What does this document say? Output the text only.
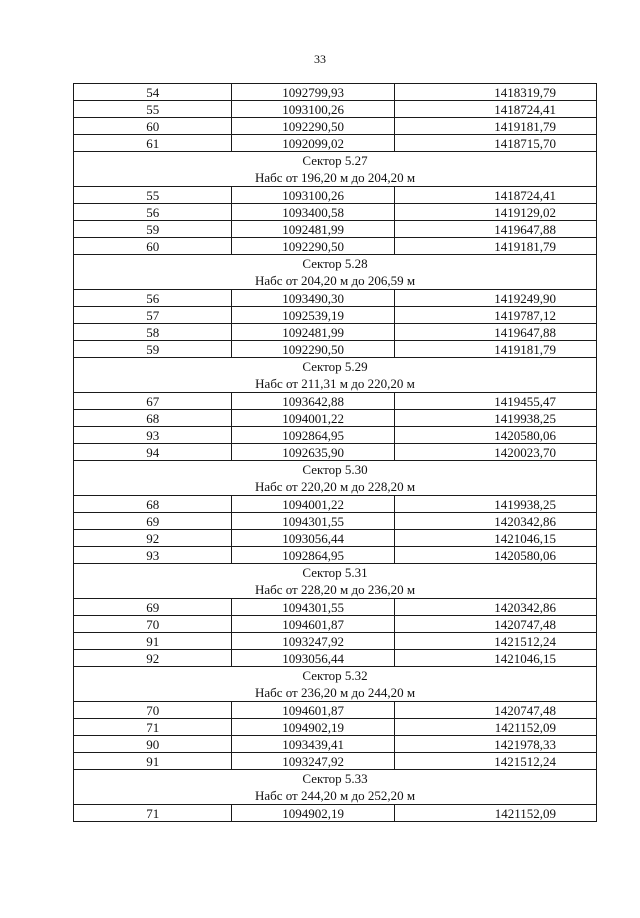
33
54	1092799,93	1418319,79
55	1093100,26	1418724,41
60	1092290,50	1419181,79
61	1092099,02	1418715,70

Сектор 5.27
Набс от 196,20 м до 204,20 м		

55	1093100,26	1418724,41
56	1093400,58	1419129,02
59	1092481,99	1419647,88
60	1092290,50	1419181,79

Сектор 5.28
Набс от 204,20 м до 206,59 м		

56	1093490,30	1419249,90
57	1092539,19	1419787,12
58	1092481,99	1419647,88
59	1092290,50	1419181,79

Сектор 5.29
Набс от 211,31 м до 220,20 м		

67	1093642,88	1419455,47
68	1094001,22	1419938,25
93	1092864,95	1420580,06
94	1092635,90	1420023,70

Сектор 5.30
Набс от 220,20 м до 228,20 м		

68	1094001,22	1419938,25
69	1094301,55	1420342,86
92	1093056,44	1421046,15
93	1092864,95	1420580,06

Сектор 5.31
Набс от 228,20 м до 236,20 м		

69	1094301,55	1420342,86
70	1094601,87	1420747,48
91	1093247,92	1421512,24
92	1093056,44	1421046,15

Сектор 5.32
Набс от 236,20 м до 244,20 м		

70	1094601,87	1420747,48
71	1094902,19	1421152,09
90	1093439,41	1421978,33
91	1093247,92	1421512,24

Сектор 5.33
Набс от 244,20 м до 252,20 м		

71	1094902,19	1421152,09
